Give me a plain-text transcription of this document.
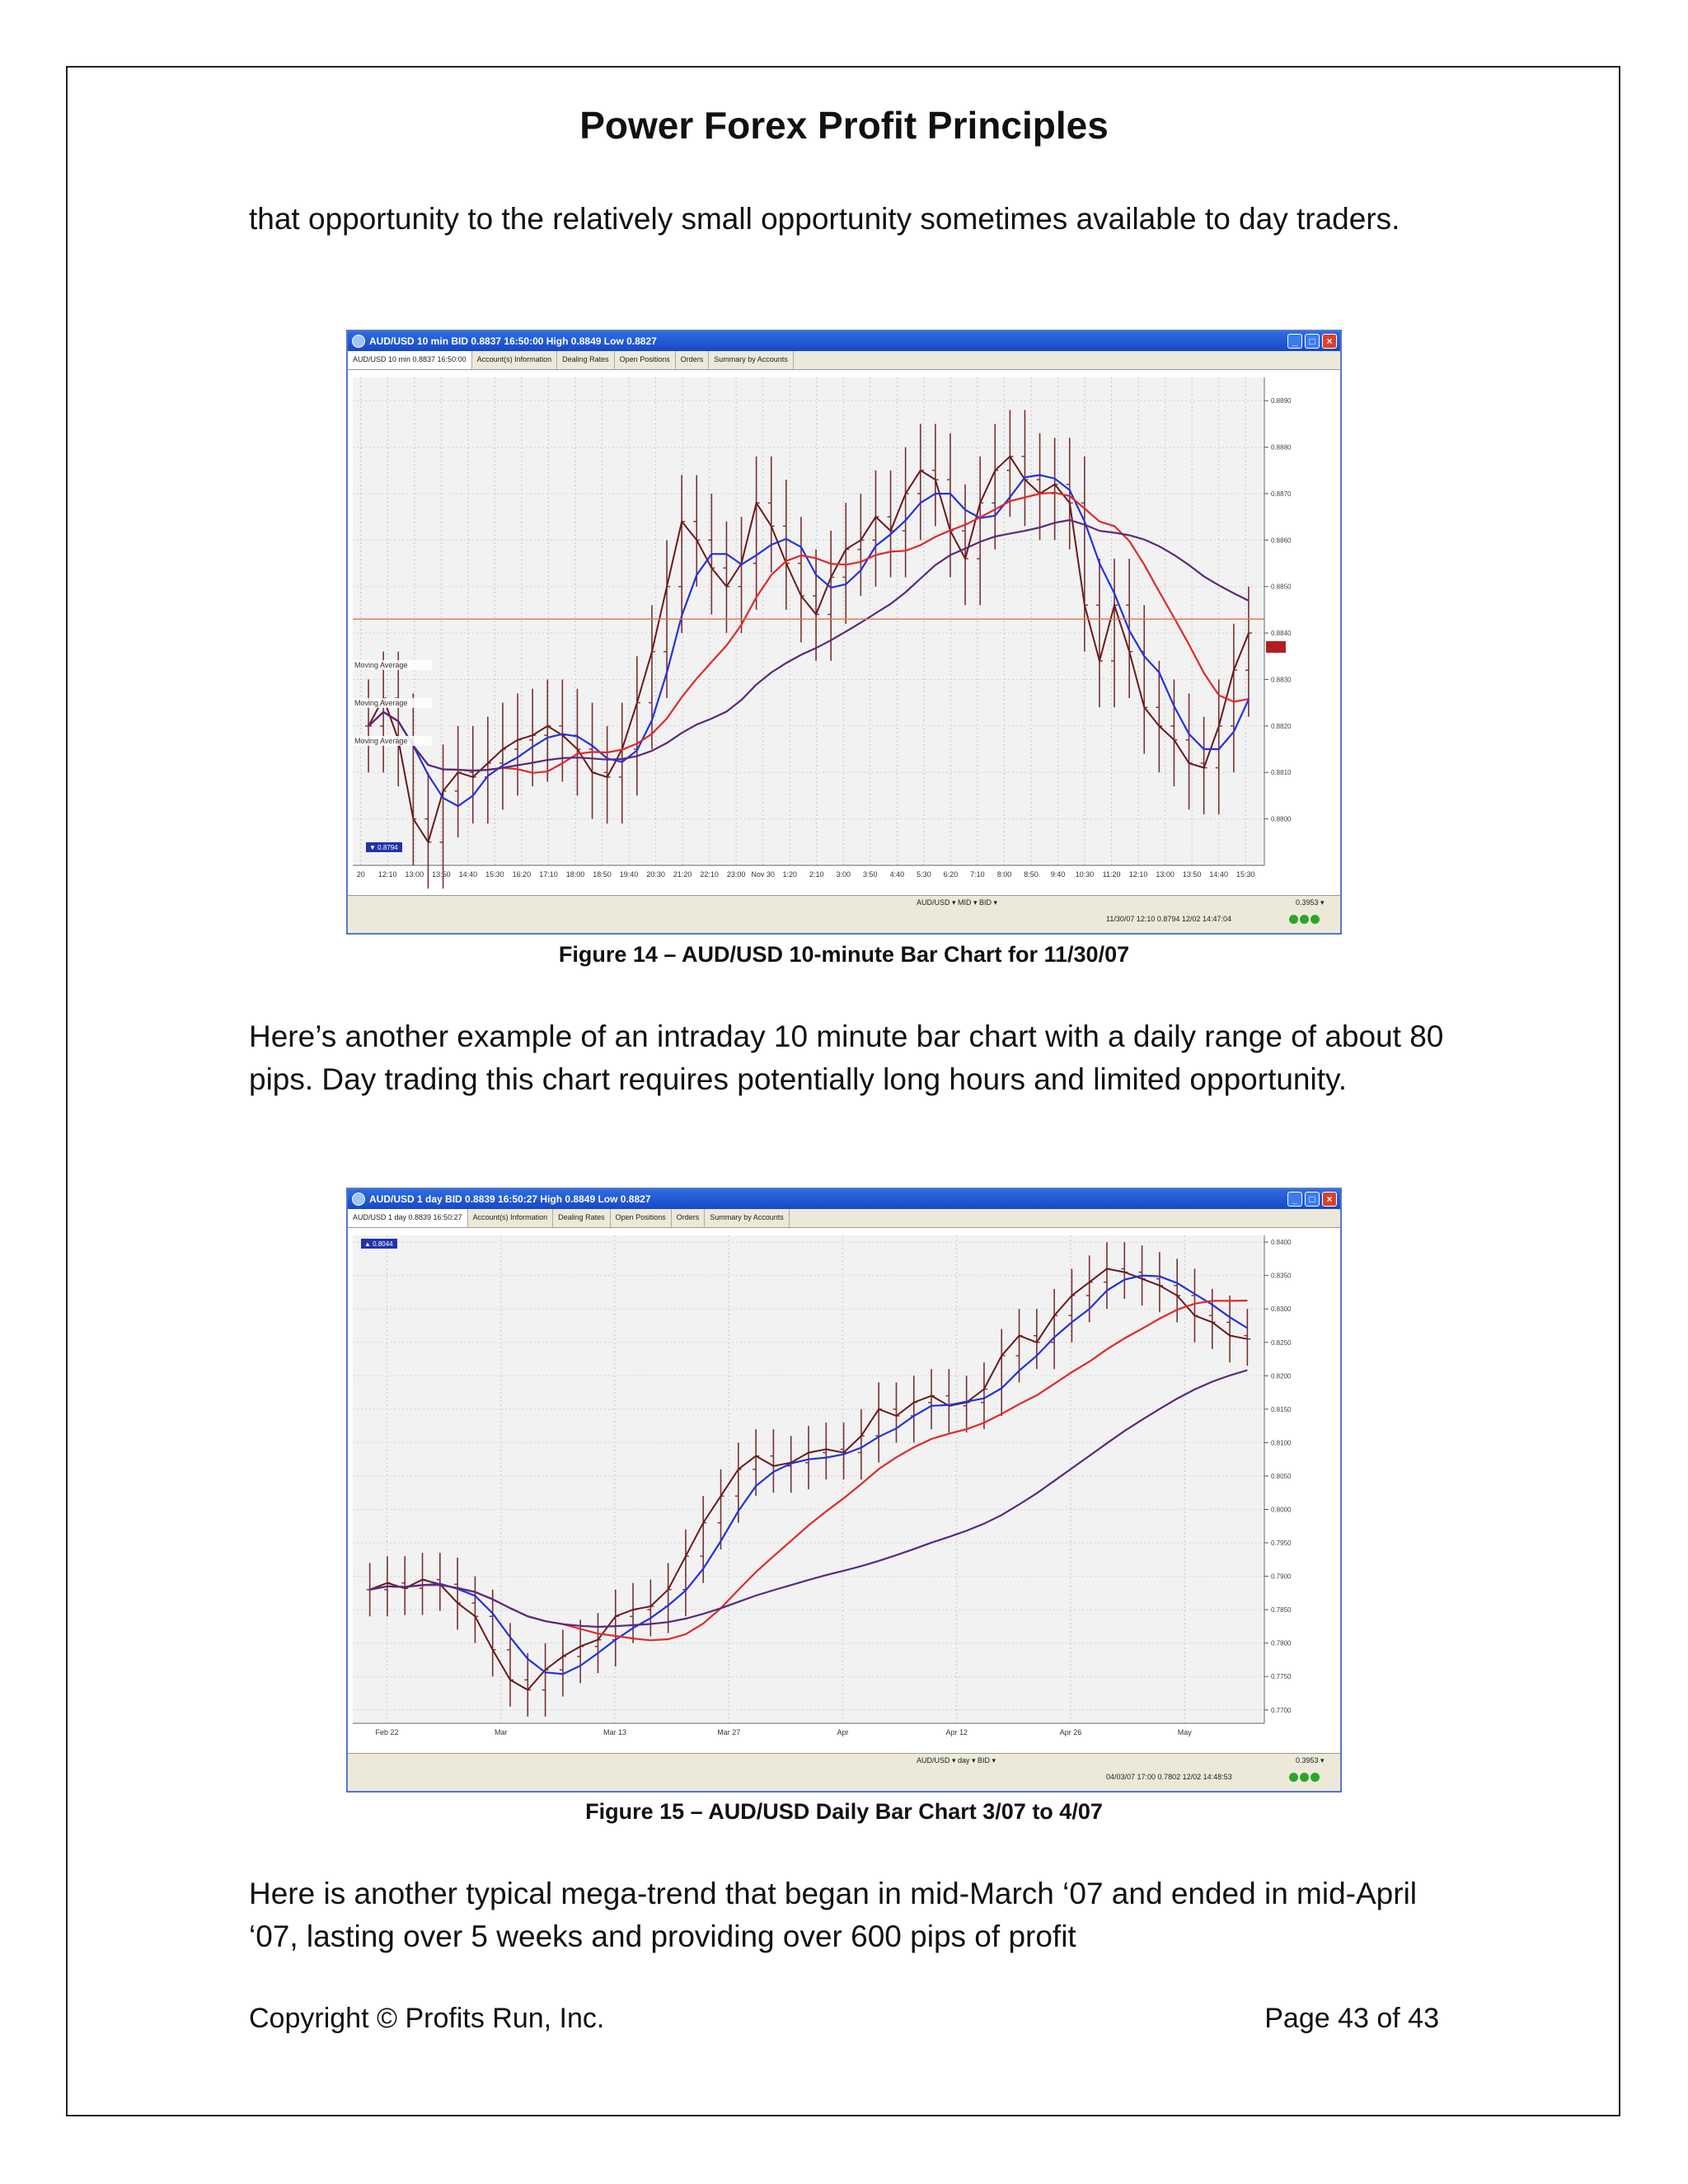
Power Forex Profit Principles
that opportunity to the relatively small opportunity sometimes available to day traders.
AUD/USD 10 min BID 0.8837 16:50:00 High 0.8849 Low 0.8827	_	□	×
AUD/USD 10 min 0.8837 16:50:00	Account(s) Information	Dealing Rates	Open Positions	Orders	Summary by Accounts
20 12:10 13:00 13:50 14:40 15:30 16:20 17:10 18:00 18:50 19:40 20:30 21:20 22:10 23:00 Nov 30 1:20 2:10 3:00 3:50 4:40 5:30 6:20 7:10 8:00 8:50 9:40 10:30 11:20 12:10 13:00 13:50 14:40 15:30
0.8890
0.8880
0.8870
0.8860
0.8850
0.8840
0.8830
0.8820
0.8810
0.8800
Moving Average
Moving Average
Moving Average
▼ 0.8794
AUD/USD ▾ MID ▾ BID ▾	0.3953 ▾
11/30/07 12:10 0.8794 12/02 14:47:04
Figure 14 – AUD/USD 10-minute Bar Chart for 11/30/07
Here’s another example of an intraday 10 minute bar chart with a daily range of about 80 pips. Day trading this chart requires potentially long hours and limited opportunity.
AUD/USD 1 day BID 0.8839 16:50:27 High 0.8849 Low 0.8827	_	□	×
AUD/USD 1 day 0.8839 16:50:27	Account(s) Information	Dealing Rates	Open Positions	Orders	Summary by Accounts
Feb 22	Mar	Mar 13	Mar 27	Apr	Apr 12	Apr 26	May
0.8400
0.8350
0.8300
0.8250
0.8200
0.8150
0.8100
0.8050
0.8000
0.7950
0.7900
0.7850
0.7800
0.7750
0.7700
▲ 0.8044
AUD/USD ▾ day ▾ BID ▾	0.3953 ▾
04/03/07 17:00 0.7802 12/02 14:48:53
Figure 15 – AUD/USD Daily Bar Chart 3/07 to 4/07
Here is another typical mega-trend that began in mid-March ‘07 and ended in mid-April ‘07, lasting over 5 weeks and providing over 600 pips of profit
Copyright © Profits Run, Inc.	Page 43 of 43
